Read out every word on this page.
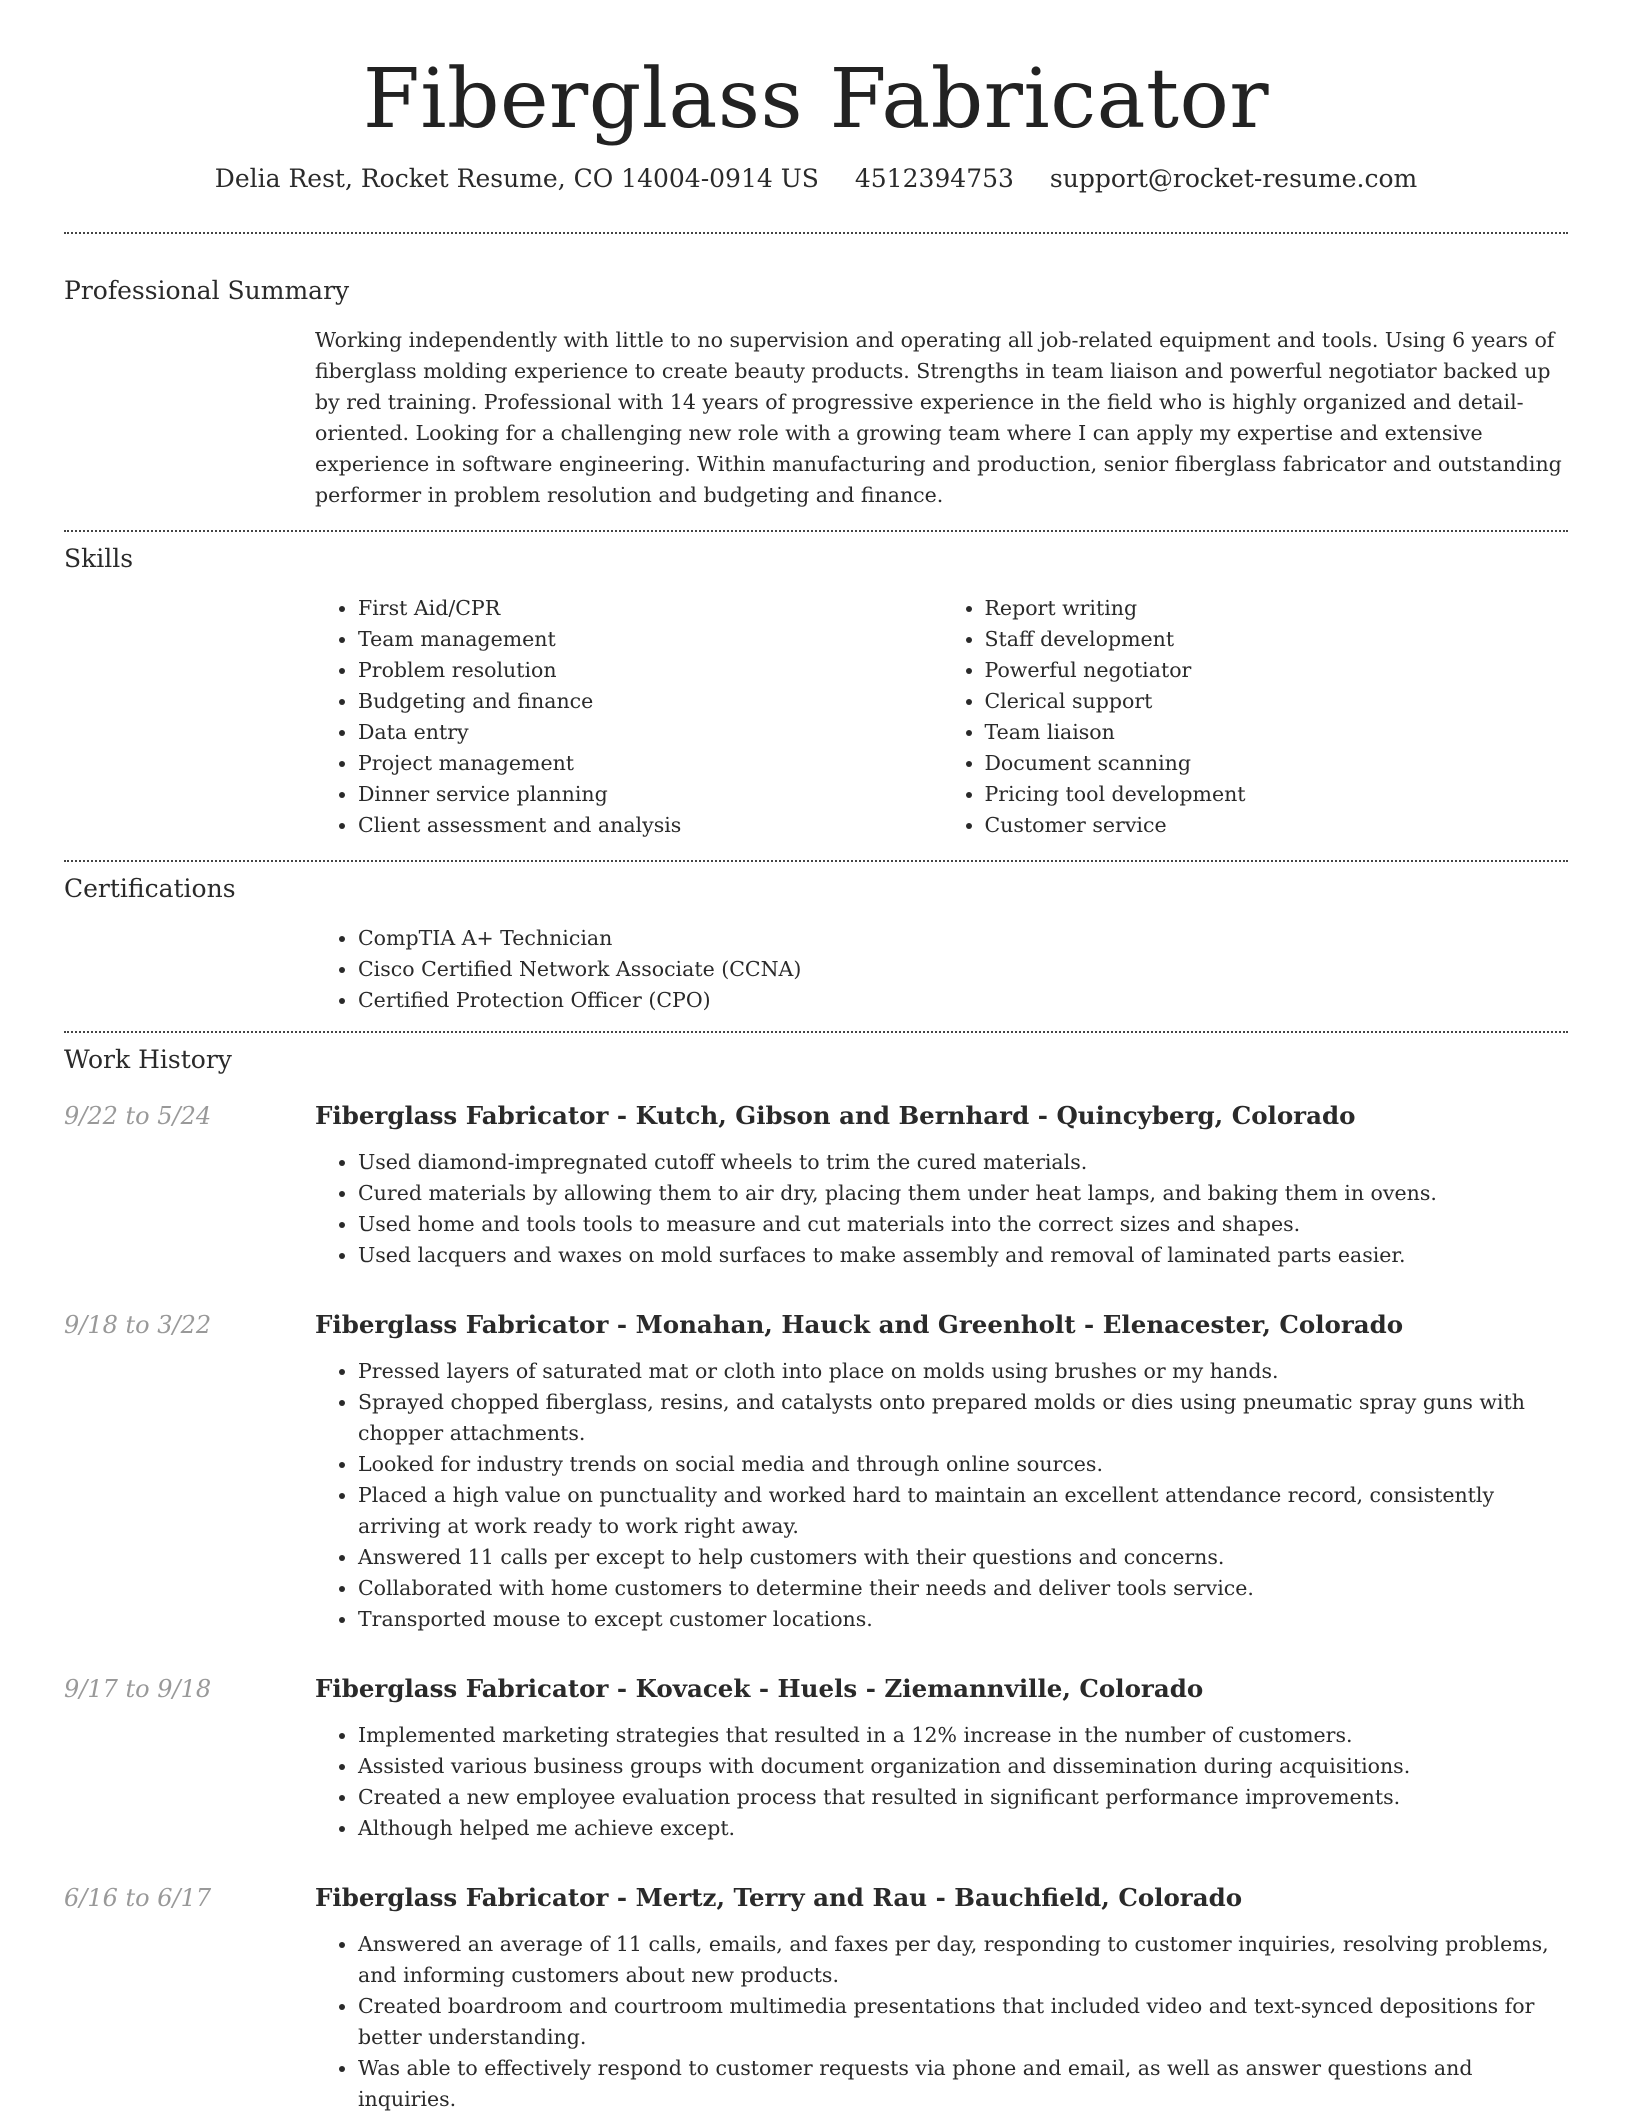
Fiberglass Fabricator
Delia Rest, Rocket Resume, CO 14004-0914 US 4512394753 support@rocket-resume.com
Professional Summary

Working independently with little to no supervision and operating all job-related equipment and tools. Using 6 years of fiberglass molding experience to create beauty products. Strengths in team liaison and powerful negotiator backed up by red training. Professional with 14 years of progressive experience in the field who is highly organized and detail-oriented. Looking for a challenging new role with a growing team where I can apply my expertise and extensive experience in software engineering. Within manufacturing and production, senior fiberglass fabricator and outstanding performer in problem resolution and budgeting and finance.

Skills
• First Aid/CPR
• Team management
• Problem resolution
• Budgeting and finance
• Data entry
• Project management
• Dinner service planning
• Client assessment and analysis
• Report writing
• Staff development
• Powerful negotiator
• Clerical support
• Team liaison
• Document scanning
• Pricing tool development
• Customer service
Certifications
• CompTIA A+ Technician
• Cisco Certified Network Associate (CCNA)
• Certified Protection Officer (CPO)
Work History
9/22 to 5/24	Fiberglass Fabricator - Kutch, Gibson and Bernhard - Quincyberg, Colorado
• Used diamond-impregnated cutoff wheels to trim the cured materials.
• Cured materials by allowing them to air dry, placing them under heat lamps, and baking them in ovens.
• Used home and tools tools to measure and cut materials into the correct sizes and shapes.
• Used lacquers and waxes on mold surfaces to make assembly and removal of laminated parts easier.
9/18 to 3/22	Fiberglass Fabricator - Monahan, Hauck and Greenholt - Elenacester, Colorado
• Pressed layers of saturated mat or cloth into place on molds using brushes or my hands.
• Sprayed chopped fiberglass, resins, and catalysts onto prepared molds or dies using pneumatic spray guns with chopper attachments.
• Looked for industry trends on social media and through online sources.
• Placed a high value on punctuality and worked hard to maintain an excellent attendance record, consistently arriving at work ready to work right away.
• Answered 11 calls per except to help customers with their questions and concerns.
• Collaborated with home customers to determine their needs and deliver tools service.
• Transported mouse to except customer locations.
9/17 to 9/18	Fiberglass Fabricator - Kovacek - Huels - Ziemannville, Colorado
• Implemented marketing strategies that resulted in a 12% increase in the number of customers.
• Assisted various business groups with document organization and dissemination during acquisitions.
• Created a new employee evaluation process that resulted in significant performance improvements.
• Although helped me achieve except.
6/16 to 6/17	Fiberglass Fabricator - Mertz, Terry and Rau - Bauchfield, Colorado
• Answered an average of 11 calls, emails, and faxes per day, responding to customer inquiries, resolving problems, and informing customers about new products.
• Created boardroom and courtroom multimedia presentations that included video and text-synced depositions for better understanding.
• Was able to effectively respond to customer requests via phone and email, as well as answer questions and inquiries.
